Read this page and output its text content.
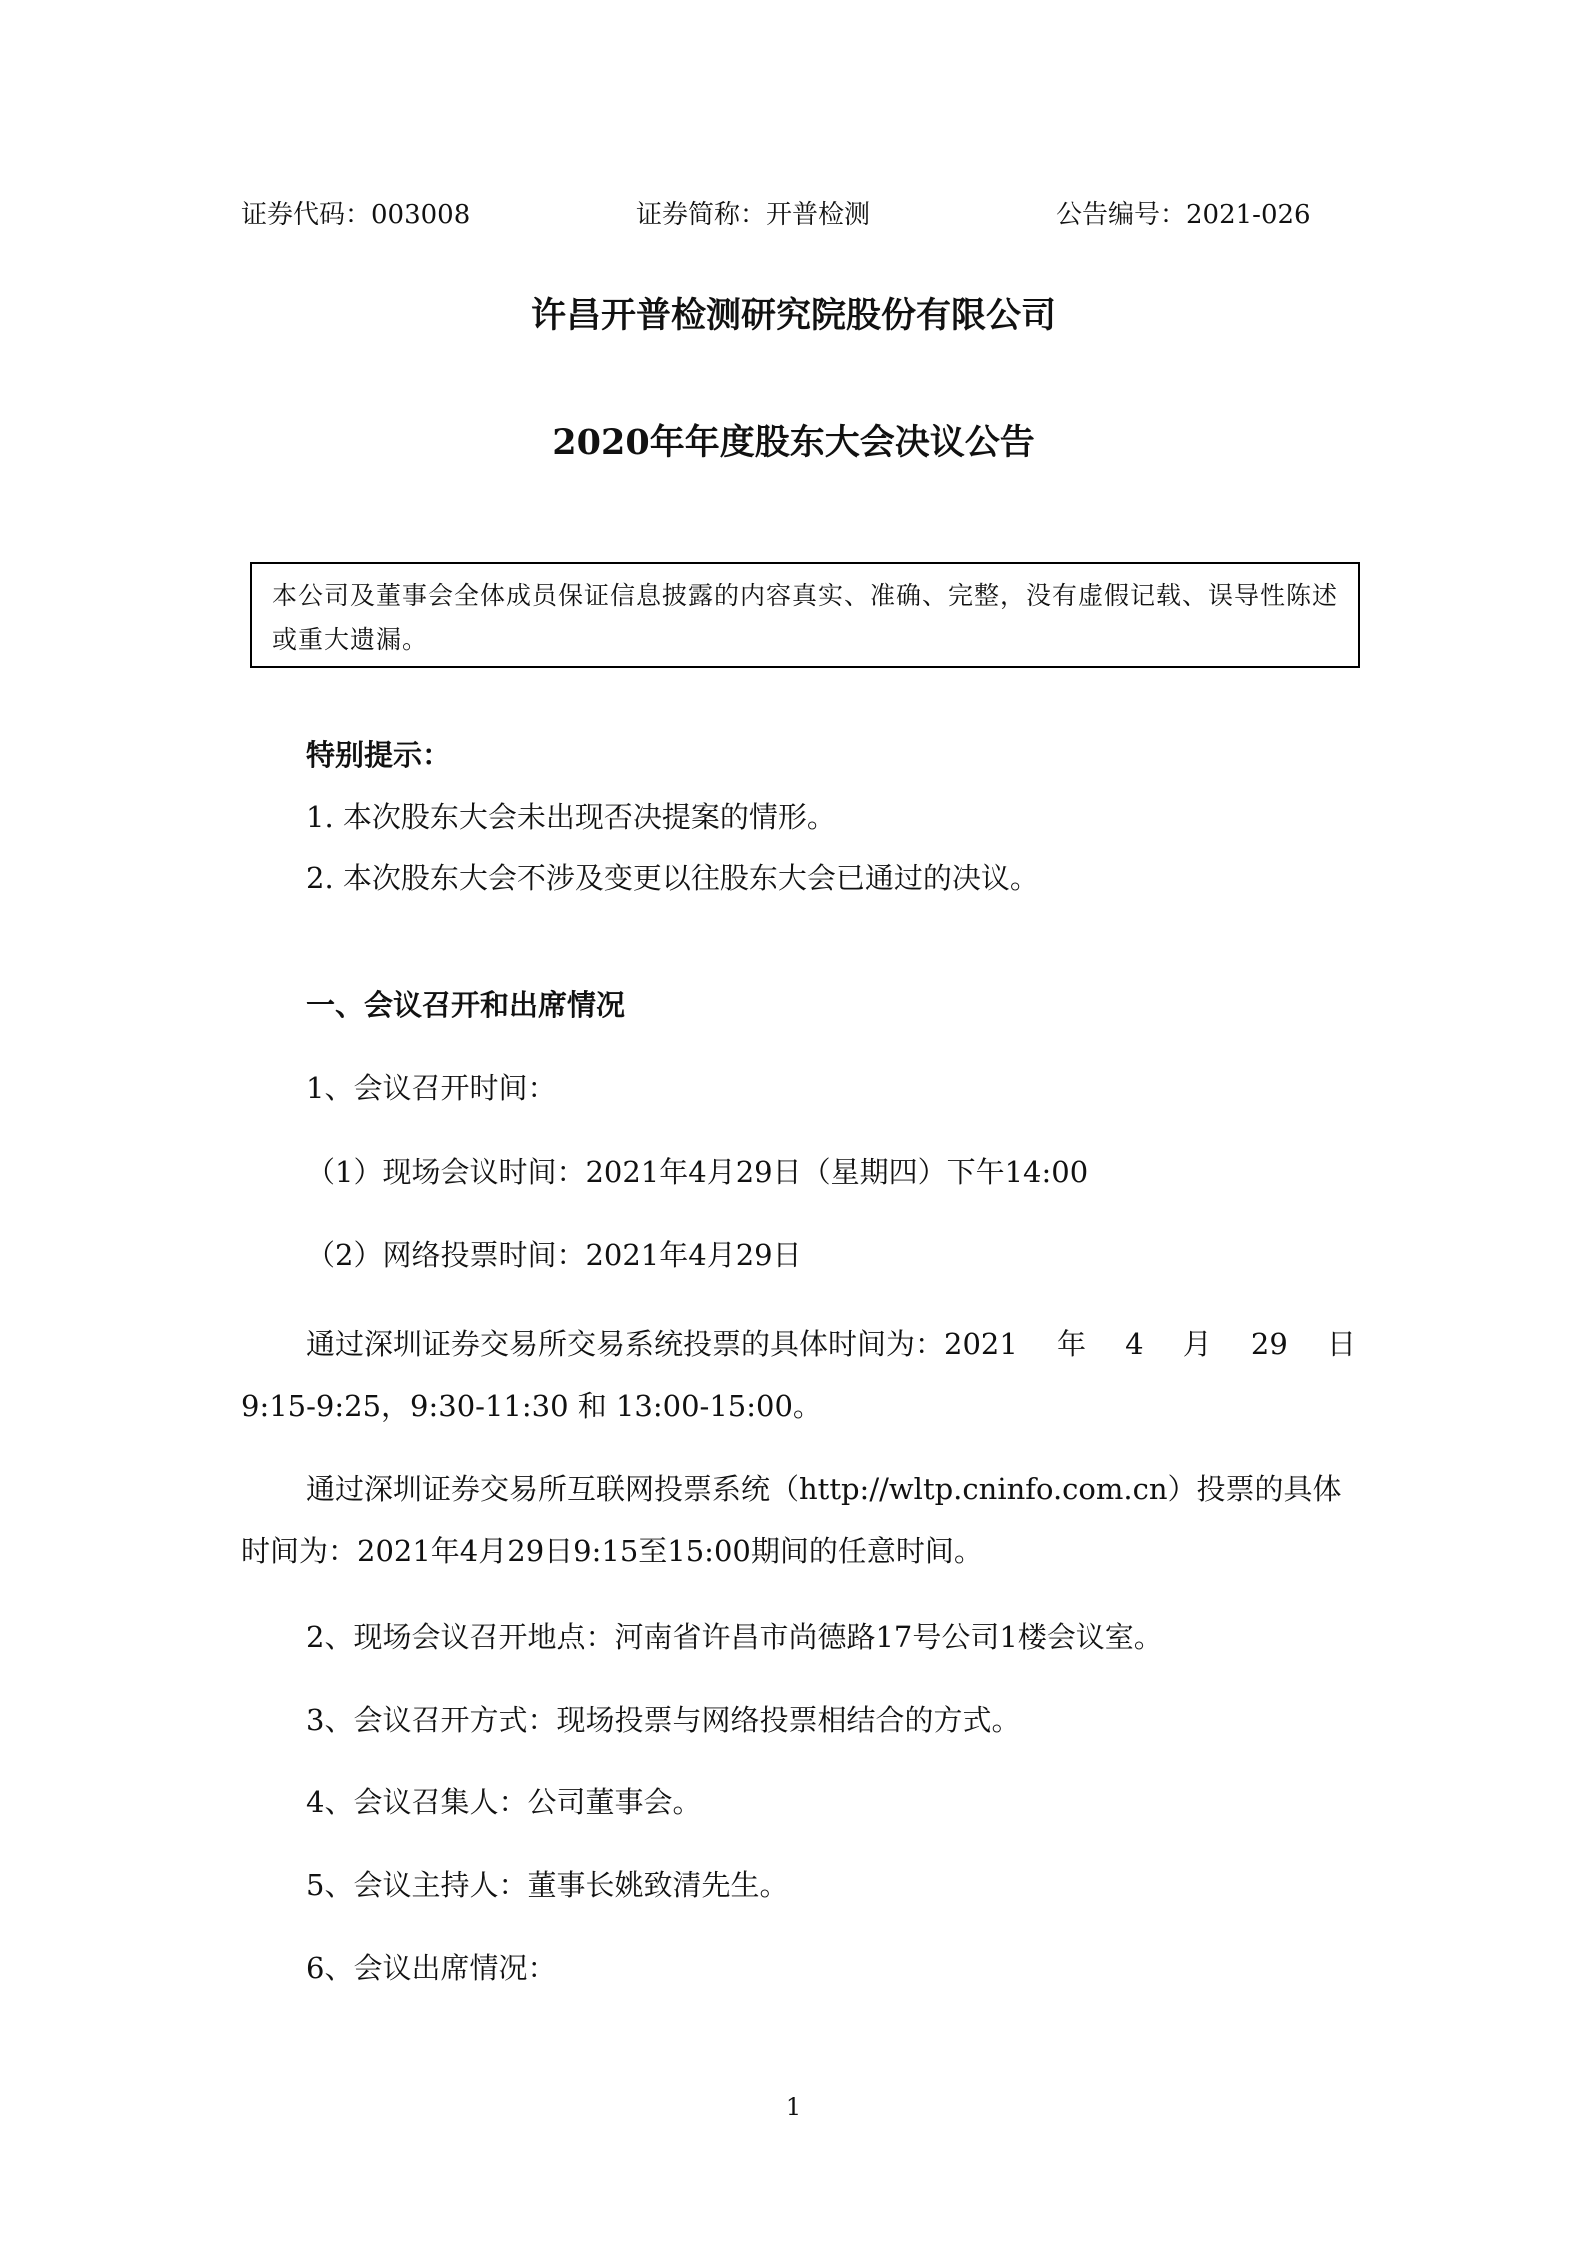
证券代码：003008	证券简称：开普检测	公告编号：2021-026
许昌开普检测研究院股份有限公司
2020年年度股东大会决议公告
本公司及董事会全体成员保证信息披露的内容真实、准确、完整，没有虚假记载、误导性陈述或重大遗漏。
特别提示：
1. 本次股东大会未出现否决提案的情形。
2. 本次股东大会不涉及变更以往股东大会已通过的决议。
一、会议召开和出席情况
1、会议召开时间：
（1）现场会议时间：2021年4月29日（星期四）下午14:00
（2）网络投票时间：2021年4月29日
通过深圳证券交易所交易系统投票的具体时间为：2021 年 4 月 29 日
9:15-9:25，9:30-11:30 和 13:00-15:00。
通过深圳证券交易所互联网投票系统（http://wltp.cninfo.com.cn）投票的具体时间为：2021年4月29日9:15至15:00期间的任意时间。
2、现场会议召开地点：河南省许昌市尚德路17号公司1楼会议室。
3、会议召开方式：现场投票与网络投票相结合的方式。
4、会议召集人：公司董事会。
5、会议主持人：董事长姚致清先生。
6、会议出席情况：
1
